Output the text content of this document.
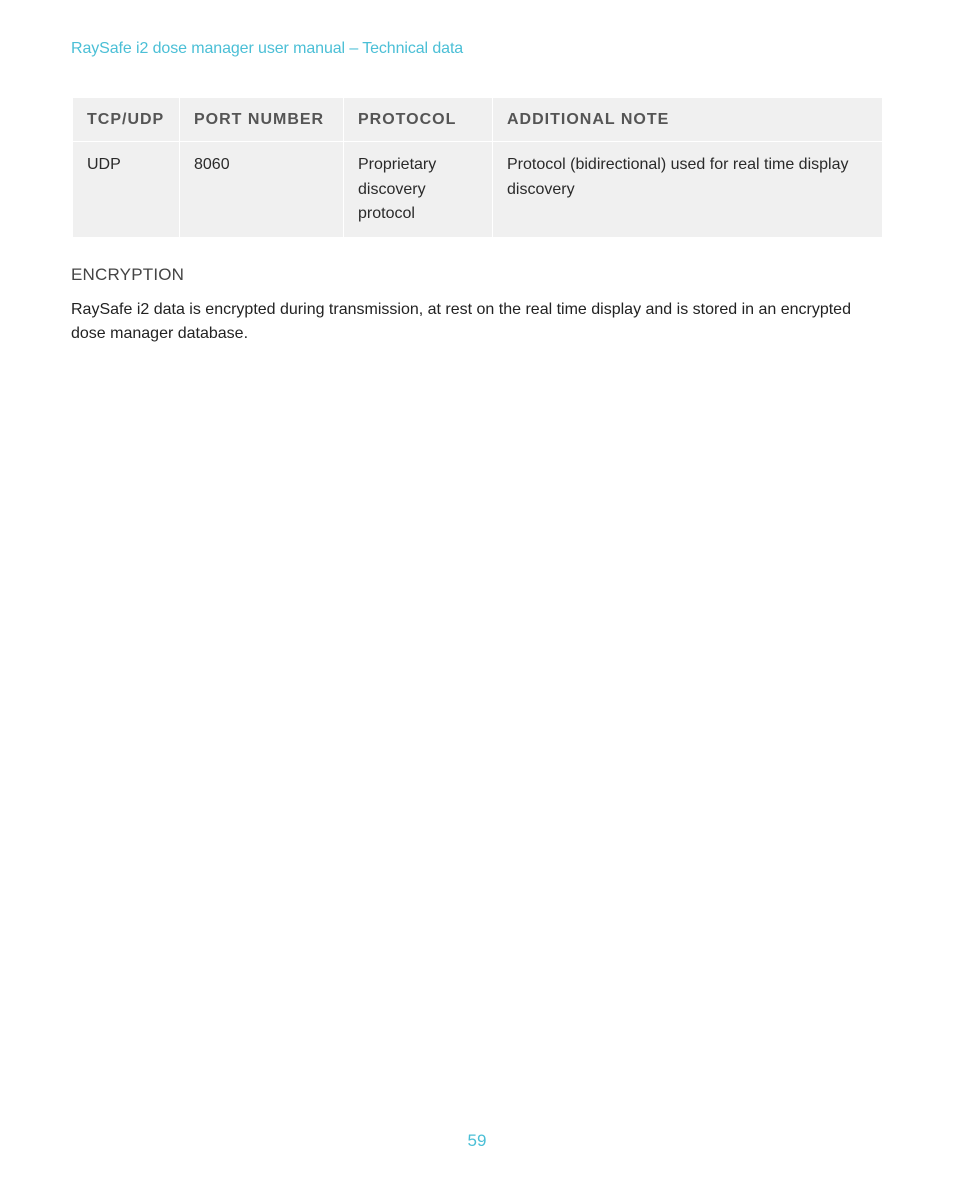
RaySafe i2 dose manager user manual – Technical data
TCP/UDP	PORT NUMBER	PROTOCOL	ADDITIONAL NOTE
UDP	8060	Proprietary discovery protocol	Protocol (bidirectional) used for real time display discovery
ENCRYPTION

RaySafe i2 data is encrypted during transmission, at rest on the real time display and is stored in an encrypted dose manager database.

59
